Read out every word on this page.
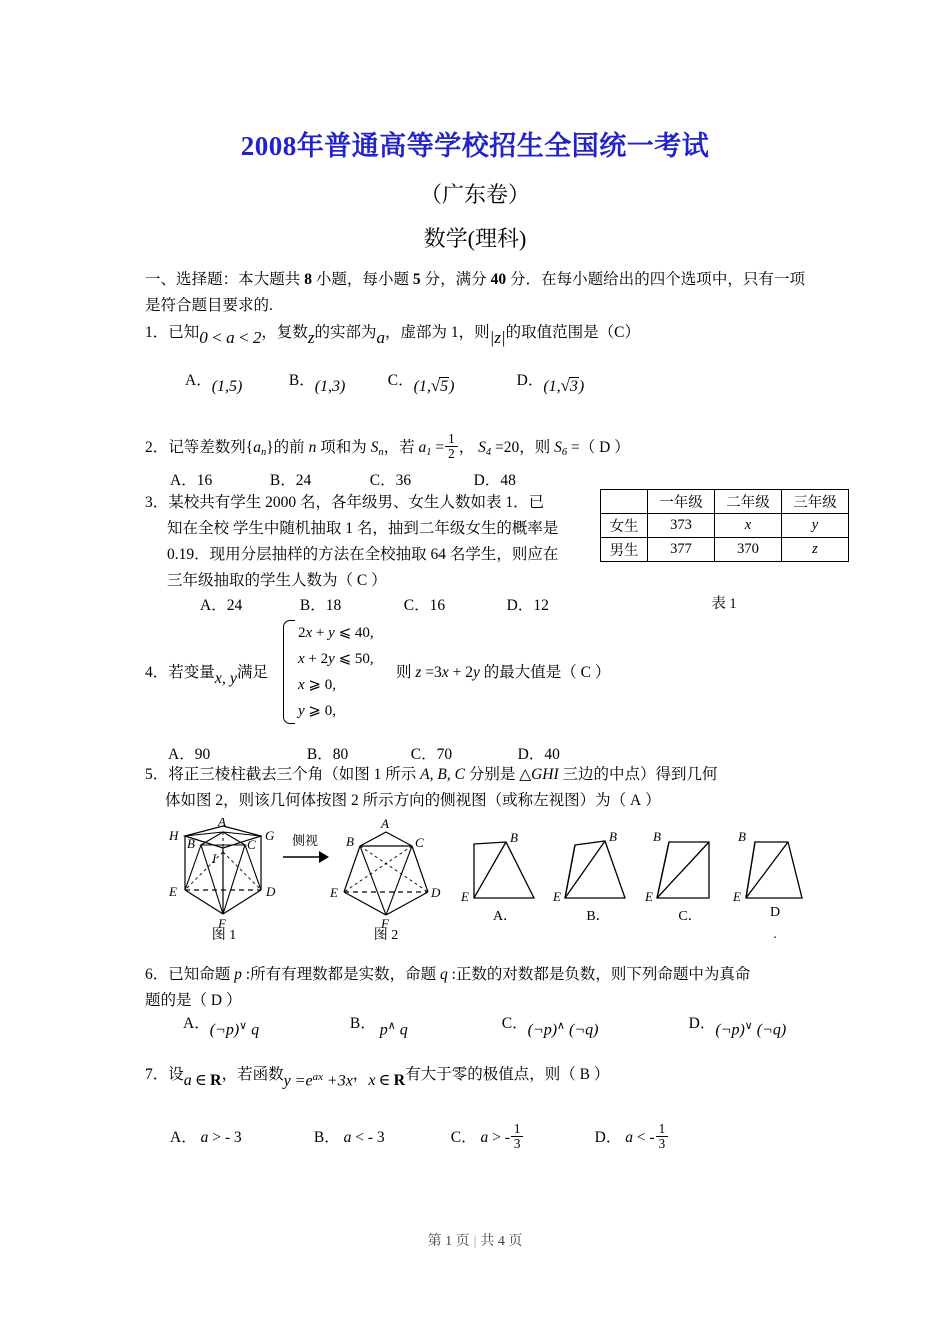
2008年普通高等学校招生全国统一考试
（广东卷）
数学(理科)
一、选择题：本大题共 8 小题，每小题 5 分，满分 40 分．在每小题给出的四个选项中，只有一项是符合题目要求的.
1．已知0 < a < 2，复数z的实部为a，虚部为 1，则|z|的取值范围是（C）
A．(1,5)	B．(1,3)	C．(1,√5)	D．(1,√3)
2．记等差数列$\{a_n\}$的前 n 项和为 $S_n$，若 $a_1 = \frac{1}{2}$ ， $S_4 =20$，则 $S_6$ =（ D ）
A．16	B．24	C．36	D．48
3．某校共有学生 2000 名，各年级男、女生人数如表 1．已
知在全校 学生中随机抽取 1 名，抽到二年级女生的概率是
0.19．现用分层抽样的方法在全校抽取 64 名学生，则应在
三年级抽取的学生人数为（ C ）
A．24	B．18	C．16	D．12
	一年级	二年级	三年级
女生	373	x	y
男生	377	370	z
表 1
4．若变量x, y满足
2x + y ⩽ 40,
x + 2y ⩽ 50,
x ⩾ 0,
y ⩾ 0,
则 z =3x + 2y 的最大值是（ C ）
A．90	B．80	C．70	D．40
5．将正三棱柱截去三个角（如图 1 所示 A, B, C 分别是 △GHI 三边的中点）得到几何
体如图 2，则该几何体按图 2 所示方向的侧视图（或称左视图）为（ A ）
H
A
G
B	C
I
E	D
F
图 1
侧视
A
B	C
E	D
F
图 2
B
E
A．
B
E
B．
B
E
C．
B
E
D
.
6．已知命题 p :所有有理数都是实数，命题 q :正数的对数都是负数，则下列命题中为真命
题的是（ D ）
A．(¬p)∨ q	B． p∧ q	C．(¬p)∧ (¬q)	D．(¬p)∨ (¬q)
7．设a ∈ R，若函数$y =e^{ax} +3x$，x ∈ R有大于零的极值点，则（ B ）
A． a > - 3	B． a < - 3	C． a > - $\frac{1}{3}$	D． a < - $\frac{1}{3}$
第 1 页 | 共 4 页
